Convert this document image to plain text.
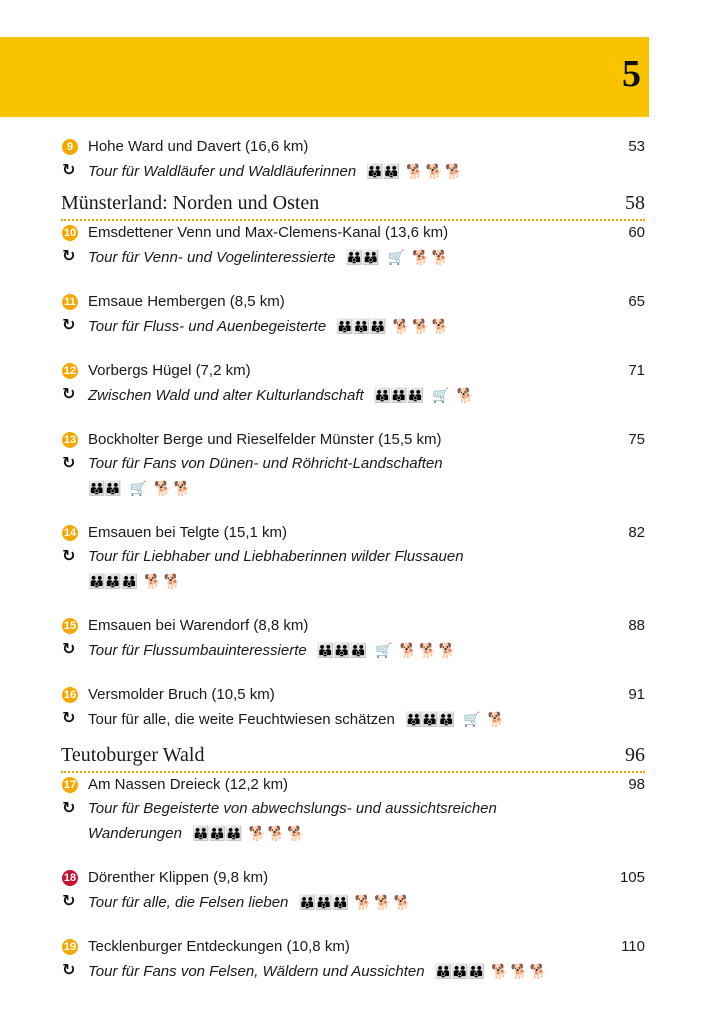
5
9 Hohe Ward und Davert (16,6 km)	53
↻ Tour für Waldläufer und Waldläuferinnen 👪👪 🐕🐕🐕
Münsterland: Norden und Osten	58
10 Emsdettener Venn und Max-Clemens-Kanal (13,6 km)	60
↻ Tour für Venn- und Vogelinteressierte 👪👪 🛒 🐕🐕
11 Emsaue Hembergen (8,5 km)	65
↻ Tour für Fluss- und Auenbegeisterte 👪👪👪 🐕🐕🐕
12 Vorbergs Hügel (7,2 km)	71
↻ Zwischen Wald und alter Kulturlandschaft 👪👪👪 🛒 🐕
13 Bockholter Berge und Rieselfelder Münster (15,5 km)	75
↻ Tour für Fans von Dünen- und Röhricht-Landschaften
👪👪 🛒 🐕🐕
14 Emsauen bei Telgte (15,1 km)	82
↻ Tour für Liebhaber und Liebhaberinnen wilder Flussauen
👪👪👪 🐕🐕
15 Emsauen bei Warendorf (8,8 km)	88
↻ Tour für Flussumbauinteressierte 👪👪👪 🛒 🐕🐕🐕
16 Versmolder Bruch (10,5 km)	91
↻ Tour für alle, die weite Feuchtwiesen schätzen 👪👪👪 🛒 🐕
Teutoburger Wald	96
17 Am Nassen Dreieck (12,2 km)	98
↻ Tour für Begeisterte von abwechslungs- und aussichtsreichen
Wanderungen 👪👪👪 🐕🐕🐕
18 Dörenther Klippen (9,8 km)	105
↻ Tour für alle, die Felsen lieben 👪👪👪 🐕🐕🐕
19 Tecklenburger Entdeckungen (10,8 km)	110
↻ Tour für Fans von Felsen, Wäldern und Aussichten 👪👪👪 🐕🐕🐕
